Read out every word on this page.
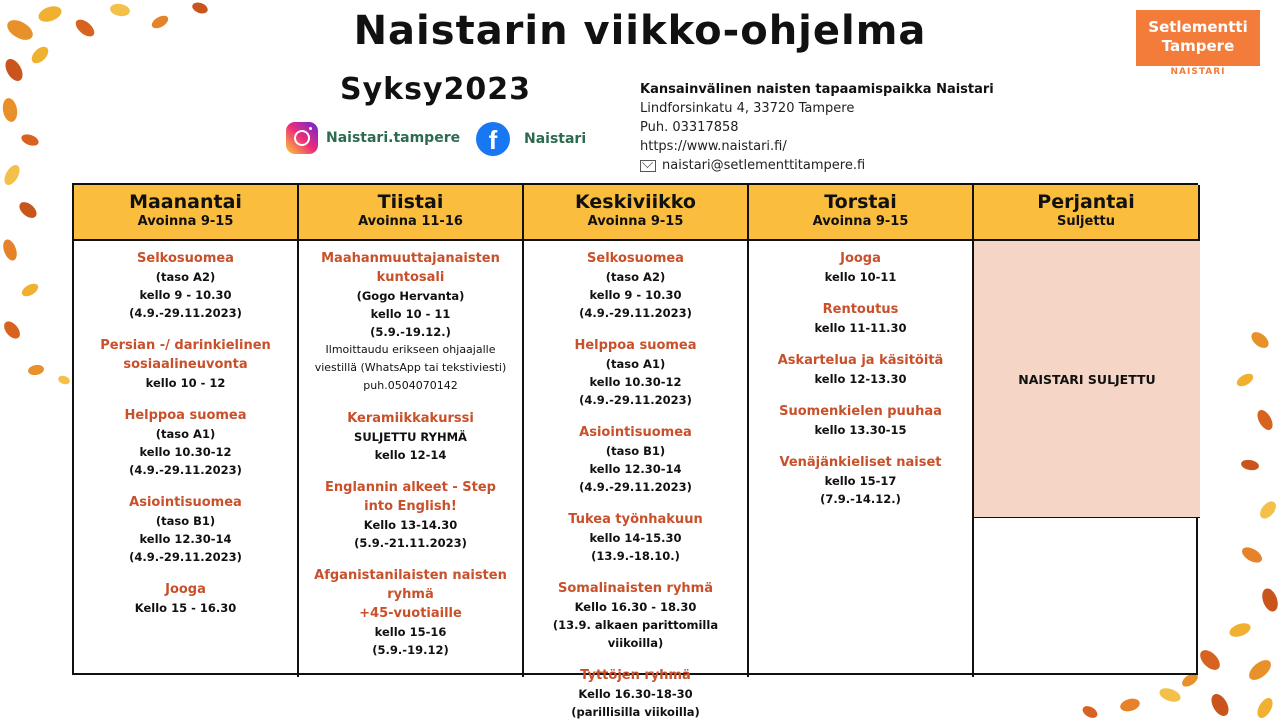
Naistarin viikko-ohjelma
Syksy2023
Naistari.tampere	f	Naistari
Kansainvälinen naisten tapaamispaikka Naistari
Lindforsinkatu 4, 33720 Tampere
Puh. 03317858
https://www.naistari.fi/
naistari@setlementtitampere.fi
Setlementti
Tampere
NAISTARI
Maanantai
Avoinna 9-15
Tiistai
Avoinna 11-16
Keskiviikko
Avoinna 9-15
Torstai
Avoinna 9-15
Perjantai
Suljettu
Selkosuomea
(taso A2)
kello 9 - 10.30
(4.9.-29.11.2023)
Persian -/ darinkielinen
sosiaalineuvonta
kello 10 - 12
Helppoa suomea
(taso A1)
kello 10.30-12
(4.9.-29.11.2023)
Asiointisuomea
(taso B1)
kello 12.30-14
(4.9.-29.11.2023)
Jooga
Kello 15 - 16.30
Maahanmuuttajanaisten
kuntosali
(Gogo Hervanta)
kello 10 - 11
(5.9.-19.12.)
Ilmoittaudu erikseen ohjaajalle
viestillä (WhatsApp tai tekstiviesti)
puh.0504070142
Keramiikkakurssi
SULJETTU RYHMÄ
kello 12-14
Englannin alkeet - Step
into English!
Kello 13-14.30
(5.9.-21.11.2023)
Afganistanilaisten naisten
ryhmä
+45-vuotiaille
kello 15-16
(5.9.-19.12)
Selkosuomea
(taso A2)
kello 9 - 10.30
(4.9.-29.11.2023)
Helppoa suomea
(taso A1)
kello 10.30-12
(4.9.-29.11.2023)
Asiointisuomea
(taso B1)
kello 12.30-14
(4.9.-29.11.2023)
Tukea työnhakuun
kello 14-15.30
(13.9.-18.10.)
Somalinaisten ryhmä
Kello 16.30 - 18.30
(13.9. alkaen parittomilla
viikoilla)
Tyttöjen ryhmä
Kello 16.30-18-30
(parillisilla viikoilla)
Jooga
kello 10-11
Rentoutus
kello 11-11.30
Askartelua ja käsitöitä
kello 12-13.30
Suomenkielen puuhaa
kello 13.30-15
Venäjänkieliset naiset
kello 15-17
(7.9.-14.12.)
NAISTARI SULJETTU
